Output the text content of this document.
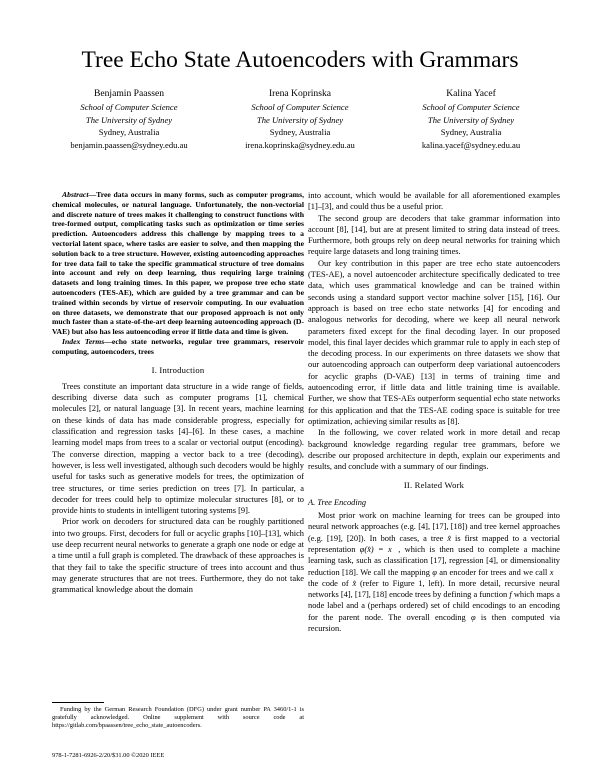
Tree Echo State Autoencoders with Grammars
Benjamin Paassen
School of Computer Science
The University of Sydney
Sydney, Australia
benjamin.paassen@sydney.edu.au
Irena Koprinska
School of Computer Science
The University of Sydney
Sydney, Australia
irena.koprinska@sydney.edu.au
Kalina Yacef
School of Computer Science
The University of Sydney
Sydney, Australia
kalina.yacef@sydney.edu.au

Abstract—Tree data occurs in many forms, such as computer programs, chemical molecules, or natural language. Unfortunately, the non-vectorial and discrete nature of trees makes it challenging to construct functions with tree-formed output, complicating tasks such as optimization or time series prediction. Autoencoders address this challenge by mapping trees to a vectorial latent space, where tasks are easier to solve, and then mapping the solution back to a tree structure. However, existing autoencoding approaches for tree data fail to take the specific grammatical structure of tree domains into account and rely on deep learning, thus requiring large training datasets and long training times. In this paper, we propose tree echo state autoencoders (TES-AE), which are guided by a tree grammar and can be trained within seconds by virtue of reservoir computing. In our evaluation on three datasets, we demonstrate that our proposed approach is not only much faster than a state-of-the-art deep learning autoencoding approach (D-VAE) but also has less autoencoding error if little data and time is given.

Index Terms—echo state networks, regular tree grammars, reservoir computing, autoencoders, trees

I. Introduction

Trees constitute an important data structure in a wide range of fields, describing diverse data such as computer programs [1], chemical molecules [2], or natural language [3]. In recent years, machine learning on these kinds of data has made considerable progress, especially for classification and regression tasks [4]–[6]. In these cases, a machine learning model maps from trees to a scalar or vectorial output (encoding). The converse direction, mapping a vector back to a tree (decoding), however, is less well investigated, although such decoders would be highly useful for tasks such as generative models for trees, the optimization of tree structures, or time series prediction on trees [7]. In particular, a decoder for trees could help to optimize molecular structures [8], or to provide hints to students in intelligent tutoring systems [9].

Prior work on decoders for structured data can be roughly partitioned into two groups. First, decoders for full or acyclic graphs [10]–[13], which use deep recurrent neural networks to generate a graph one node or edge at a time until a full graph is completed. The drawback of these approaches is that they fail to take the specific structure of trees into account and thus may generate structures that are not trees. Furthermore, they do not take grammatical knowledge about the domain

into account, which would be available for all aforementioned examples [1]–[3], and could thus be a useful prior.

The second group are decoders that take grammar information into account [8], [14], but are at present limited to string data instead of trees. Furthermore, both groups rely on deep neural networks for training which require large datasets and long training times.

Our key contribution in this paper are tree echo state autoencoders (TES-AE), a novel autoencoder architecture specifically dedicated to tree data, which uses grammatical knowledge and can be trained within seconds using a standard support vector machine solver [15], [16]. Our approach is based on tree echo state networks [4] for encoding and analogous networks for decoding, where we keep all neural network parameters fixed except for the final decoding layer. In our proposed model, this final layer decides which grammar rule to apply in each step of the decoding process. In our experiments on three datasets we show that our autoencoding approach can outperform deep variational autoencoders for acyclic graphs (D-VAE) [13] in terms of training time and autoencoding error, if little data and little training time is available. Further, we show that TES-AEs outperform sequential echo state networks for this application and that the TES-AE coding space is suitable for tree optimization, achieving similar results as [8].

In the following, we cover related work in more detail and recap background knowledge regarding regular tree grammars, before we describe our proposed architecture in depth, explain our experiments and results, and conclude with a summary of our findings.

II. Related Work
A. Tree Encoding

Most prior work on machine learning for trees can be grouped into neural network approaches (e.g. [4], [17], [18]) and tree kernel approaches (e.g. [19], [20]). In both cases, a tree x̂ is first mapped to a vectorial representation φ(x̂) = x⃗, which is then used to complete a machine learning task, such as classification [17], regression [4], or dimensionality reduction [18]. We call the mapping φ an encoder for trees and we call x⃗ the code of x̂ (refer to Figure 1, left). In more detail, recursive neural networks [4], [17], [18] encode trees by defining a function f which maps a node label and a (perhaps ordered) set of child encodings to an encoding for the parent node. The overall encoding φ is then computed via recursion.

Funding by the German Research Foundation (DFG) under grant number PA 3460/1-1 is gratefully acknowledged. Online supplement with source code at https://gitlab.com/bpaassen/tree_echo_state_autoencoders.

978-1-7281-6926-2/20/$31.00 ©2020 IEEE
